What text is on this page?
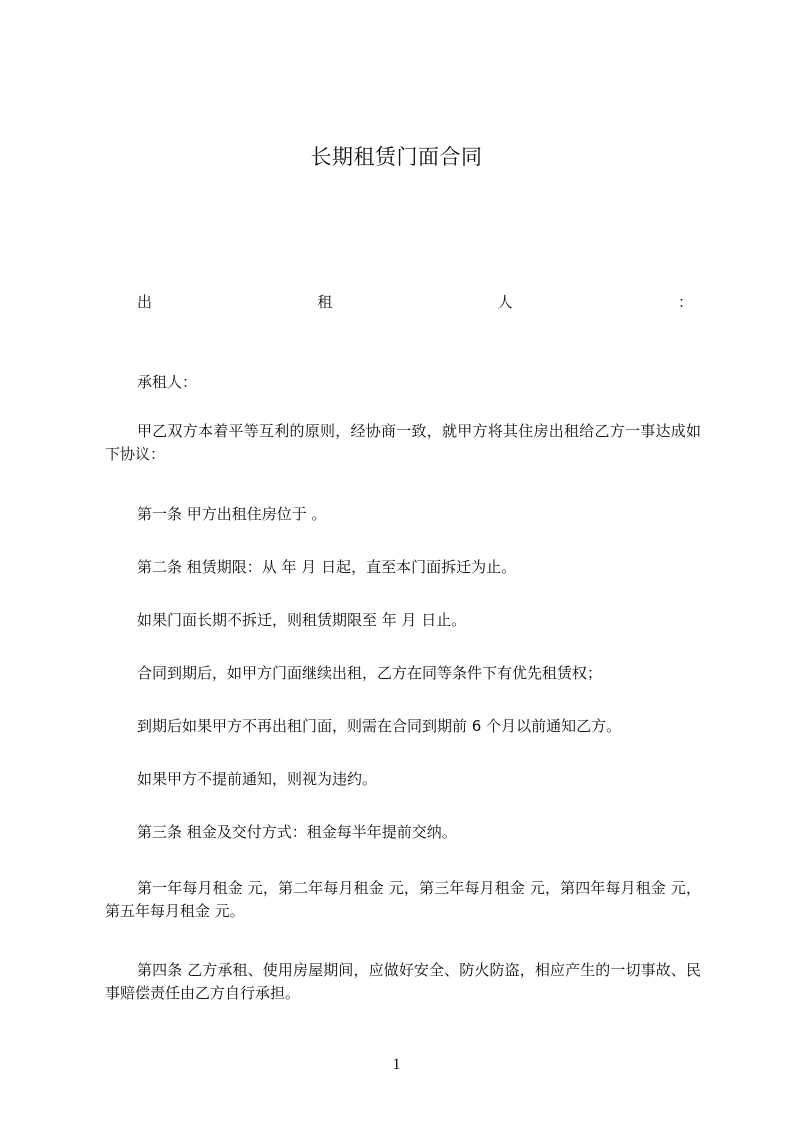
长期租赁门面合同
出	租	人	：
承租人：
甲乙双方本着平等互利的原则，经协商一致，就甲方将其住房出租给乙方一事达成如下协议：
第一条 甲方出租住房位于 。
第二条 租赁期限：从 年 月 日起，直至本门面拆迁为止。
如果门面长期不拆迁，则租赁期限至 年 月 日止。
合同到期后，如甲方门面继续出租，乙方在同等条件下有优先租赁权；
到期后如果甲方不再出租门面，则需在合同到期前 6 个月以前通知乙方。
如果甲方不提前通知，则视为违约。
第三条 租金及交付方式：租金每半年提前交纳。
第一年每月租金 元，第二年每月租金 元，第三年每月租金 元，第四年每月租金 元，第五年每月租金 元。
第四条 乙方承租、使用房屋期间，应做好安全、防火防盗，相应产生的一切事故、民事赔偿责任由乙方自行承担。
1
